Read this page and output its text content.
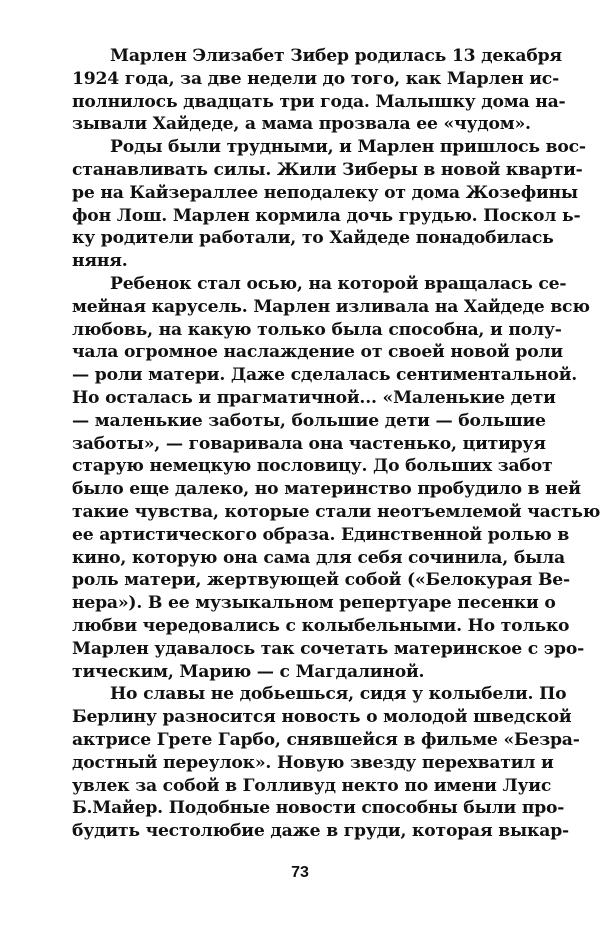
Марлен Элизабет Зибер родилась 13 декабря
1924 года, за две недели до того, как Марлен ис-
полнилось двадцать три года. Малышку дома на-
зывали Хайдеде, а мама прозвала ее «чудом».
Роды были трудными, и Марлен пришлось вос-
станавливать силы. Жили Зиберы в новой кварти-
ре на Кайзераллее неподалеку от дома Жозефины
фон Лош. Марлен кормила дочь грудью. Поскол ь-
ку родители работали, то Хайдеде понадобилась
няня.
Ребенок стал осью, на которой вращалась се-
мейная карусель. Марлен изливала на Хайдеде всю
любовь, на какую только была способна, и полу-
чала огромное наслаждение от своей новой роли
— роли матери. Даже сделалась сентиментальной.
Но осталась и прагматичной... «Маленькие дети
— маленькие заботы, большие дети — большие
заботы», — говаривала она частенько, цитируя
старую немецкую пословицу. До больших забот
было еще далеко, но материнство пробудило в ней
такие чувства, которые стали неотъемлемой частью
ее артистического образа. Единственной ролью в
кино, которую она сама для себя сочинила, была
роль матери, жертвующей собой («Белокурая Ве-
нера»). В ее музыкальном репертуаре песенки о
любви чередовались с колыбельными. Но только
Марлен удавалось так сочетать материнское с эро-
тическим, Марию — с Магдалиной.
Но славы не добьешься, сидя у колыбели. По
Берлину разносится новость о молодой шведской
актрисе Грете Гарбо, снявшейся в фильме «Безра-
достный переулок». Новую звезду перехватил и
увлек за собой в Голливуд некто по имени Луис
Б.Майер. Подобные новости способны были про-
будить честолюбие даже в груди, которая выкар-
73
